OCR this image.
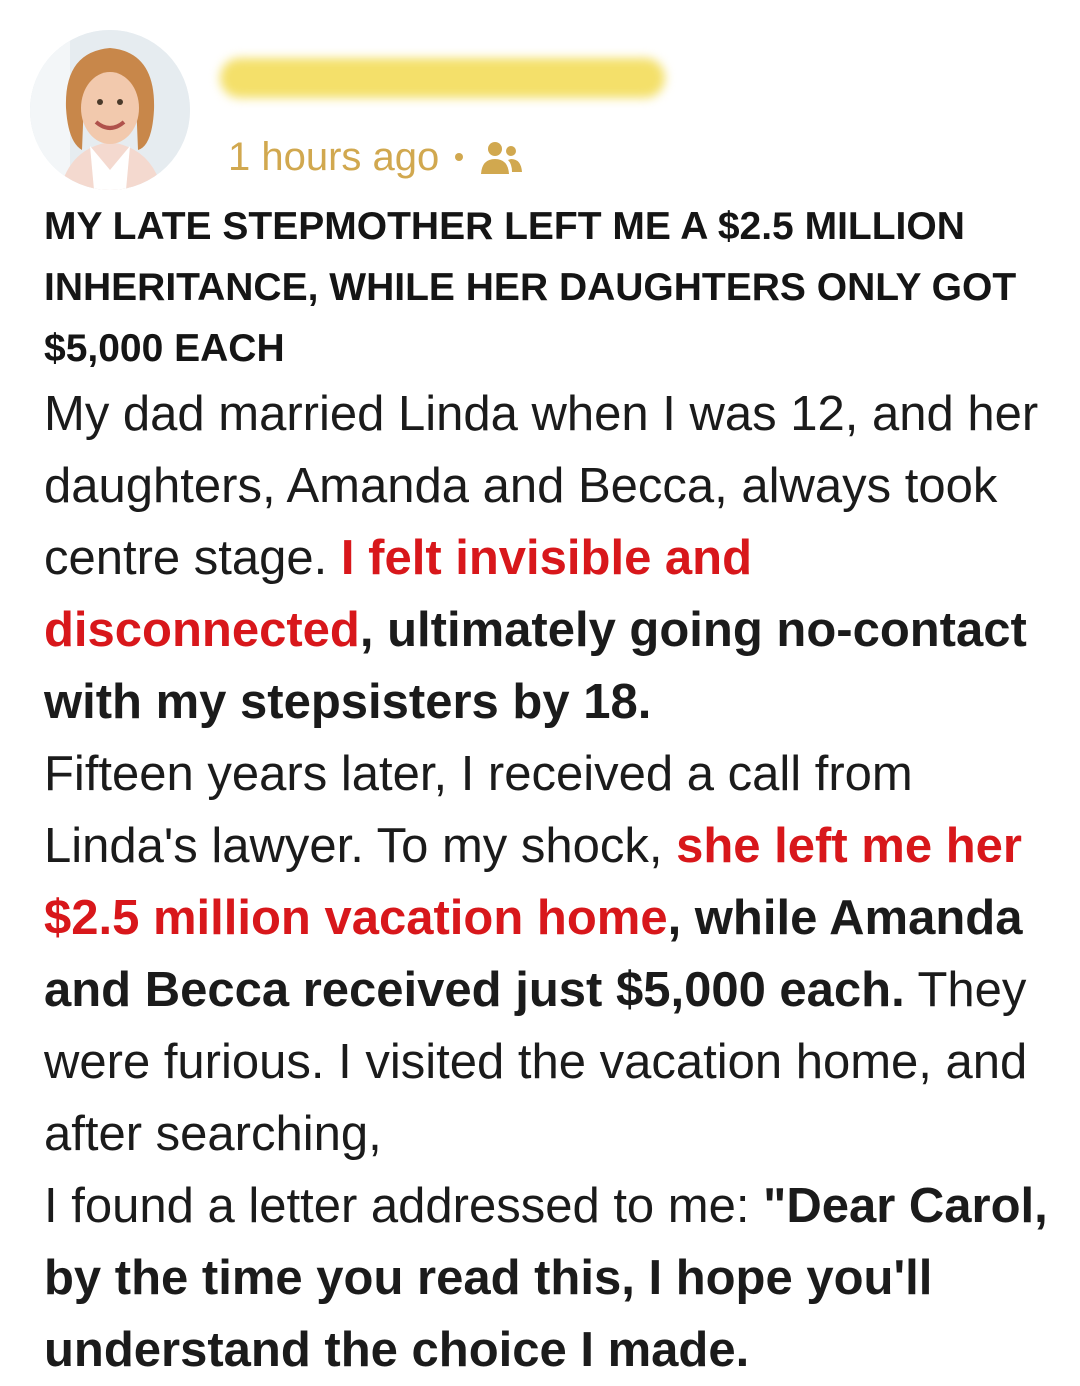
1 hours ago
MY LATE STEPMOTHER LEFT ME A $2.5 MILLION INHERITANCE, WHILE HER DAUGHTERS ONLY GOT $5,000 EACH

My dad married Linda when I was 12, and her daughters, Amanda and Becca, always took centre stage. I felt invisible and disconnected, ultimately going no-contact with my stepsisters by 18.

Fifteen years later, I received a call from Linda's lawyer. To my shock, she left me her $2.5 million vacation home, while Amanda and Becca received just $5,000 each. They were furious. I visited the vacation home, and after searching,

I found a letter addressed to me: "Dear Carol, by the time you read this, I hope you'll understand the choice I made.
